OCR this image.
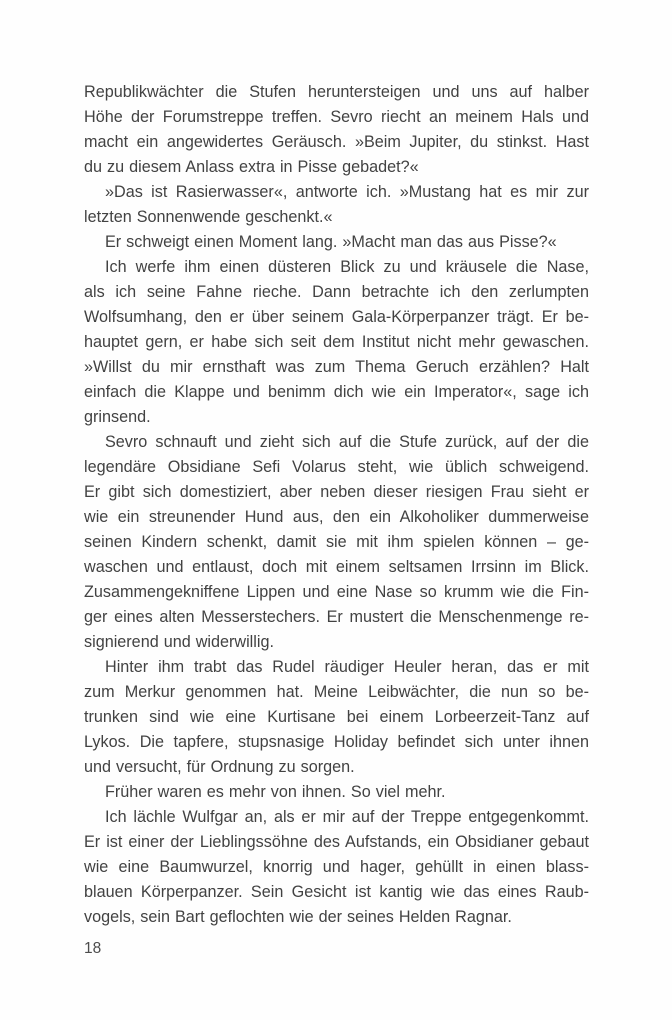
Republikwächter die Stufen heruntersteigen und uns auf halber
Höhe der Forumstreppe treffen. Sevro riecht an meinem Hals und
macht ein angewidertes Geräusch. »Beim Jupiter, du stinkst. Hast
du zu diesem Anlass extra in Pisse gebadet?«

»Das ist Rasierwasser«, antworte ich. »Mustang hat es mir zur
letzten Sonnenwende geschenkt.«

Er schweigt einen Moment lang. »Macht man das aus Pisse?«

Ich werfe ihm einen düsteren Blick zu und kräusele die Nase,
als ich seine Fahne rieche. Dann betrachte ich den zerlumpten
Wolfsumhang, den er über seinem Gala-Körperpanzer trägt. Er be-
hauptet gern, er habe sich seit dem Institut nicht mehr gewaschen.
»Willst du mir ernsthaft was zum Thema Geruch erzählen? Halt
einfach die Klappe und benimm dich wie ein Imperator«, sage ich
grinsend.

Sevro schnauft und zieht sich auf die Stufe zurück, auf der die
legendäre Obsidiane Sefi Volarus steht, wie üblich schweigend.
Er gibt sich domestiziert, aber neben dieser riesigen Frau sieht er
wie ein streunender Hund aus, den ein Alkoholiker dummerweise
seinen Kindern schenkt, damit sie mit ihm spielen können – ge-
waschen und entlaust, doch mit einem seltsamen Irrsinn im Blick.
Zusammengekniffene Lippen und eine Nase so krumm wie die Fin-
ger eines alten Messerstechers. Er mustert die Menschenmenge re-
signierend und widerwillig.

Hinter ihm trabt das Rudel räudiger Heuler heran, das er mit
zum Merkur genommen hat. Meine Leibwächter, die nun so be-
trunken sind wie eine Kurtisane bei einem Lorbeerzeit-Tanz auf
Lykos. Die tapfere, stupsnasige Holiday befindet sich unter ihnen
und versucht, für Ordnung zu sorgen.

Früher waren es mehr von ihnen. So viel mehr.

Ich lächle Wulfgar an, als er mir auf der Treppe entgegenkommt.
Er ist einer der Lieblingssöhne des Aufstands, ein Obsidianer gebaut
wie eine Baumwurzel, knorrig und hager, gehüllt in einen blass-
blauen Körperpanzer. Sein Gesicht ist kantig wie das eines Raub-
vogels, sein Bart geflochten wie der seines Helden Ragnar.

18
